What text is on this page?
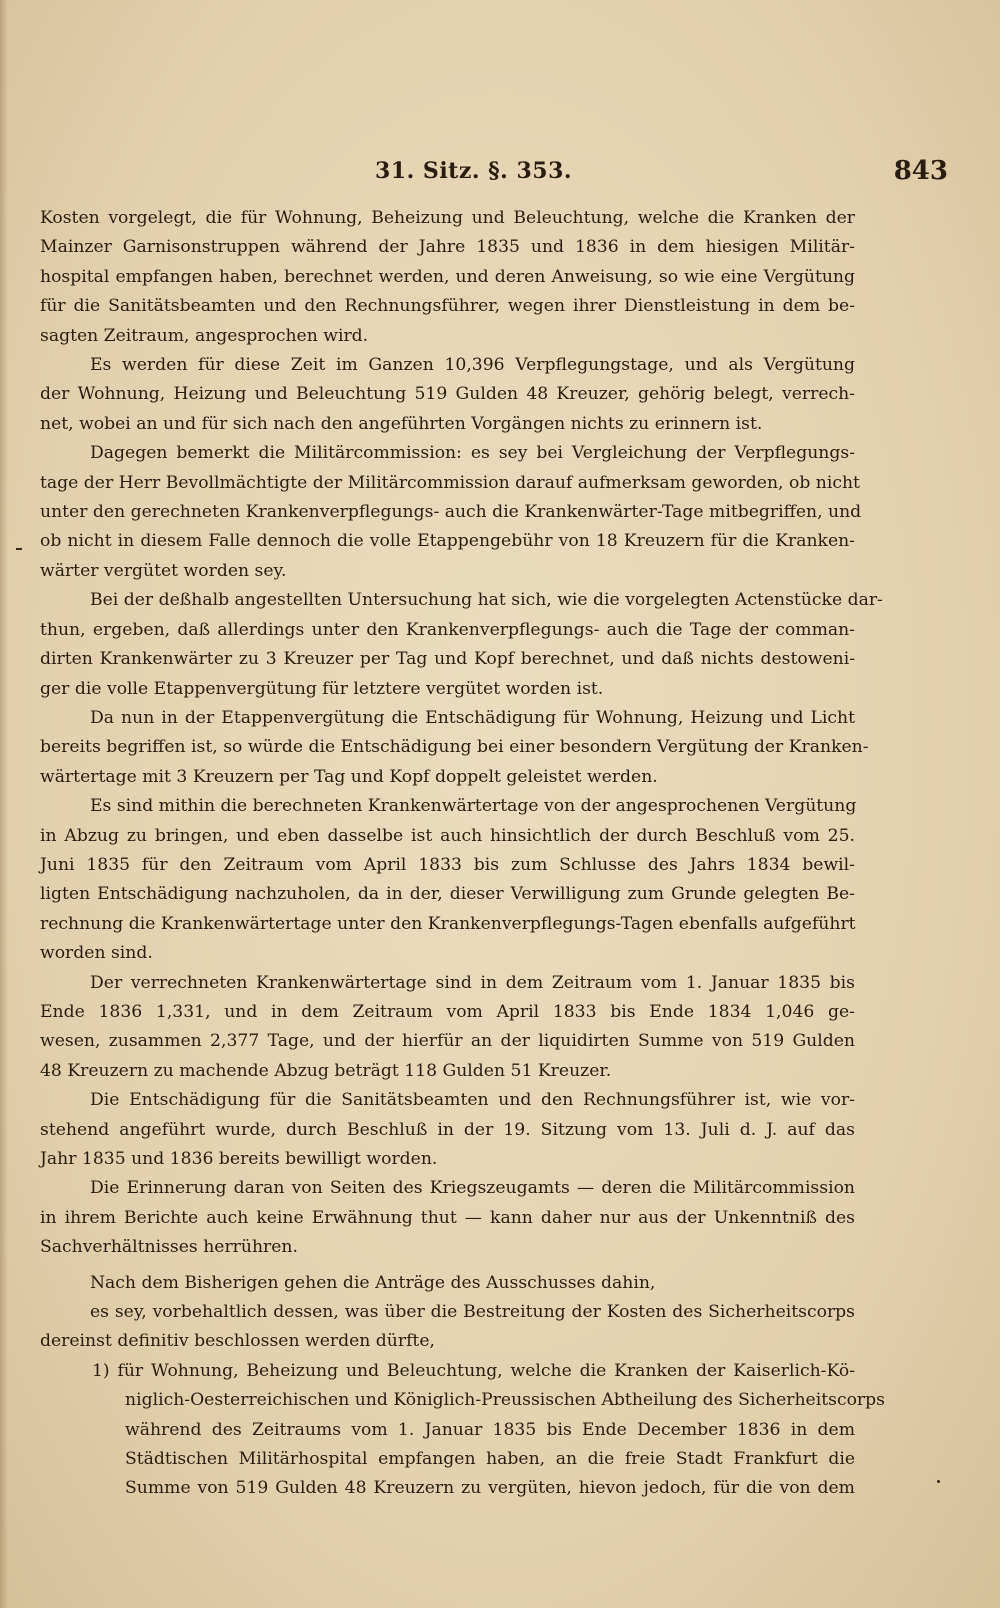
31. Sitz. §. 353.	843
Kosten vorgelegt, die für Wohnung, Beheizung und Beleuchtung, welche die Kranken der
Mainzer Garnisonstruppen während der Jahre 1835 und 1836 in dem hiesigen Militär-
hospital empfangen haben, berechnet werden, und deren Anweisung, so wie eine Vergütung
für die Sanitätsbeamten und den Rechnungsführer, wegen ihrer Dienstleistung in dem be-
sagten Zeitraum, angesprochen wird.
Es werden für diese Zeit im Ganzen 10,396 Verpflegungstage, und als Vergütung
der Wohnung, Heizung und Beleuchtung 519 Gulden 48 Kreuzer, gehörig belegt, verrech-
net, wobei an und für sich nach den angeführten Vorgängen nichts zu erinnern ist.
Dagegen bemerkt die Militärcommission: es sey bei Vergleichung der Verpflegungs-
tage der Herr Bevollmächtigte der Militärcommission darauf aufmerksam geworden, ob nicht
unter den gerechneten Krankenverpflegungs- auch die Krankenwärter-Tage mitbegriffen, und
ob nicht in diesem Falle dennoch die volle Etappengebühr von 18 Kreuzern für die Kranken-
wärter vergütet worden sey.
Bei der deßhalb angestellten Untersuchung hat sich, wie die vorgelegten Actenstücke dar-
thun, ergeben, daß allerdings unter den Krankenverpflegungs- auch die Tage der comman-
dirten Krankenwärter zu 3 Kreuzer per Tag und Kopf berechnet, und daß nichts destoweni-
ger die volle Etappenvergütung für letztere vergütet worden ist.
Da nun in der Etappenvergütung die Entschädigung für Wohnung, Heizung und Licht
bereits begriffen ist, so würde die Entschädigung bei einer besondern Vergütung der Kranken-
wärtertage mit 3 Kreuzern per Tag und Kopf doppelt geleistet werden.
Es sind mithin die berechneten Krankenwärtertage von der angesprochenen Vergütung
in Abzug zu bringen, und eben dasselbe ist auch hinsichtlich der durch Beschluß vom 25.
Juni 1835 für den Zeitraum vom April 1833 bis zum Schlusse des Jahrs 1834 bewil-
ligten Entschädigung nachzuholen, da in der, dieser Verwilligung zum Grunde gelegten Be-
rechnung die Krankenwärtertage unter den Krankenverpflegungs-Tagen ebenfalls aufgeführt
worden sind.
Der verrechneten Krankenwärtertage sind in dem Zeitraum vom 1. Januar 1835 bis
Ende 1836 1,331, und in dem Zeitraum vom April 1833 bis Ende 1834 1,046 ge-
wesen, zusammen 2,377 Tage, und der hierfür an der liquidirten Summe von 519 Gulden
48 Kreuzern zu machende Abzug beträgt 118 Gulden 51 Kreuzer.
Die Entschädigung für die Sanitätsbeamten und den Rechnungsführer ist, wie vor-
stehend angeführt wurde, durch Beschluß in der 19. Sitzung vom 13. Juli d. J. auf das
Jahr 1835 und 1836 bereits bewilligt worden.
Die Erinnerung daran von Seiten des Kriegszeugamts — deren die Militärcommission
in ihrem Berichte auch keine Erwähnung thut — kann daher nur aus der Unkenntniß des
Sachverhältnisses herrühren.
Nach dem Bisherigen gehen die Anträge des Ausschusses dahin,
es sey, vorbehaltlich dessen, was über die Bestreitung der Kosten des Sicherheitscorps
dereinst definitiv beschlossen werden dürfte,
1) für Wohnung, Beheizung und Beleuchtung, welche die Kranken der Kaiserlich-Kö-
niglich-Oesterreichischen und Königlich-Preussischen Abtheilung des Sicherheitscorps
während des Zeitraums vom 1. Januar 1835 bis Ende December 1836 in dem
Städtischen Militärhospital empfangen haben, an die freie Stadt Frankfurt die
Summe von 519 Gulden 48 Kreuzern zu vergüten, hievon jedoch, für die von dem
